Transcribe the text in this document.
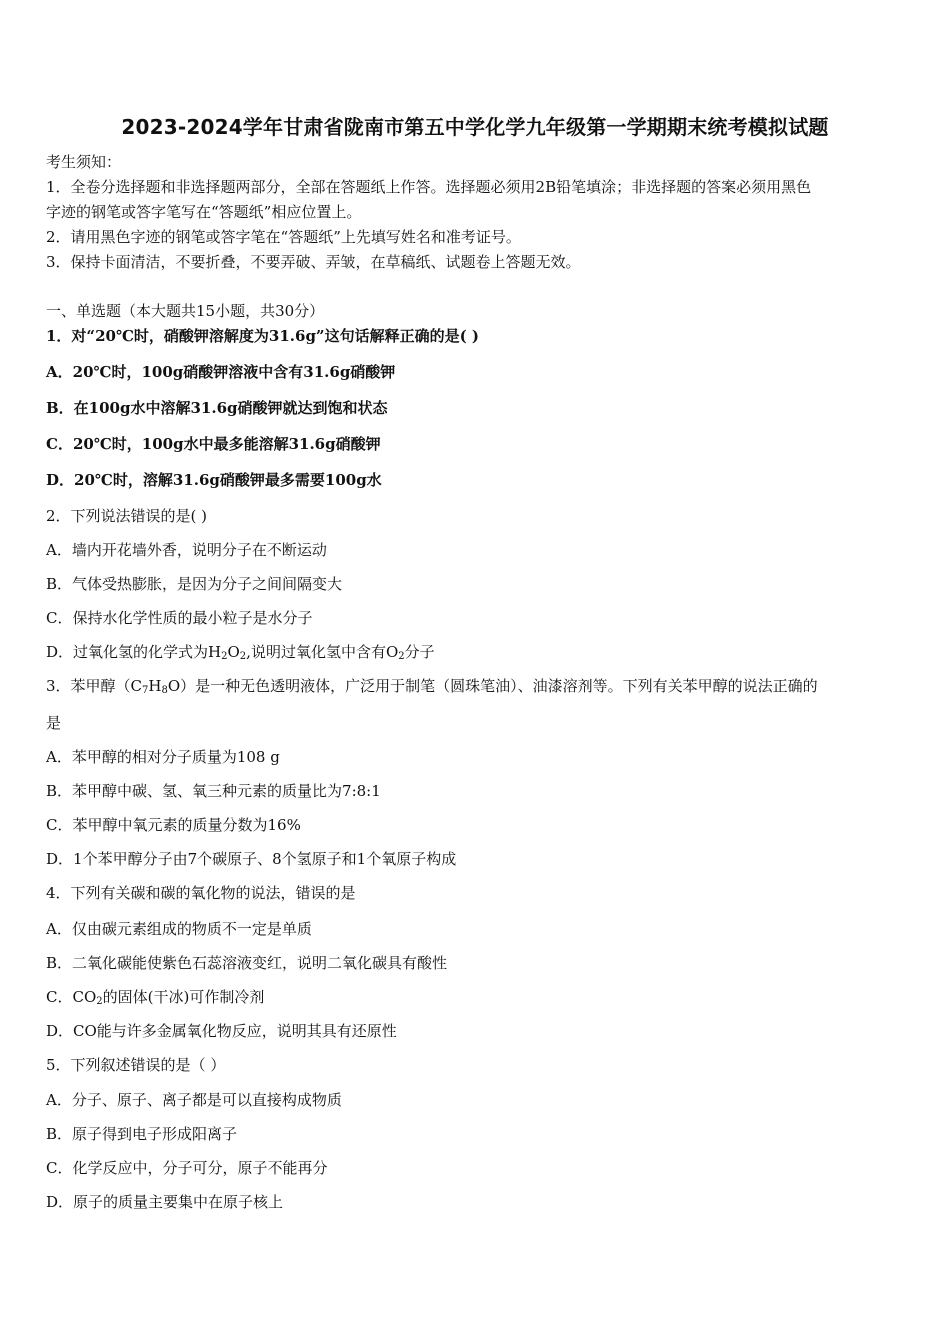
2023-2024学年甘肃省陇南市第五中学化学九年级第一学期期末统考模拟试题
考生须知：
1．全卷分选择题和非选择题两部分，全部在答题纸上作答。选择题必须用2B铅笔填涂；非选择题的答案必须用黑色
字迹的钢笔或答字笔写在“答题纸”相应位置上。
2．请用黑色字迹的钢笔或答字笔在“答题纸”上先填写姓名和准考证号。
3．保持卡面清洁，不要折叠，不要弄破、弄皱，在草稿纸、试题卷上答题无效。
一、单选题（本大题共15小题，共30分）
1．对“20℃时，硝酸钾溶解度为31.6g”这句话解释正确的是( )
A．20℃时，100g硝酸钾溶液中含有31.6g硝酸钾
B．在100g水中溶解31.6g硝酸钾就达到饱和状态
C．20℃时，100g水中最多能溶解31.6g硝酸钾
D．20℃时，溶解31.6g硝酸钾最多需要100g水
2．下列说法错误的是( )
A．墙内开花墙外香，说明分子在不断运动
B．气体受热膨胀，是因为分子之间间隔变大
C．保持水化学性质的最小粒子是水分子
D．过氧化氢的化学式为$H_2O_2$,说明过氧化氢中含有$O_2$分子
3．苯甲醇$(C_7H_8O)$是一种无色透明液体，广泛用于制笔（圆珠笔油）、油漆溶剂等。下列有关苯甲醇的说法正确的
是
A．苯甲醇的相对分子质量为108 g
B．苯甲醇中碳、氢、氧三种元素的质量比为7:8:1
C．苯甲醇中氧元素的质量分数为16%
D．1个苯甲醇分子由7个碳原子、8个氢原子和1个氧原子构成
4．下列有关碳和碳的氧化物的说法，错误的是
A．仅由碳元素组成的物质不一定是单质
B．二氧化碳能使紫色石蕊溶液变红，说明二氧化碳具有酸性
C．$CO_2$的固体(干冰)可作制冷剂
D．CO能与许多金属氧化物反应，说明其具有还原性
5．下列叙述错误的是（ ）
A．分子、原子、离子都是可以直接构成物质
B．原子得到电子形成阳离子
C．化学反应中，分子可分，原子不能再分
D．原子的质量主要集中在原子核上
